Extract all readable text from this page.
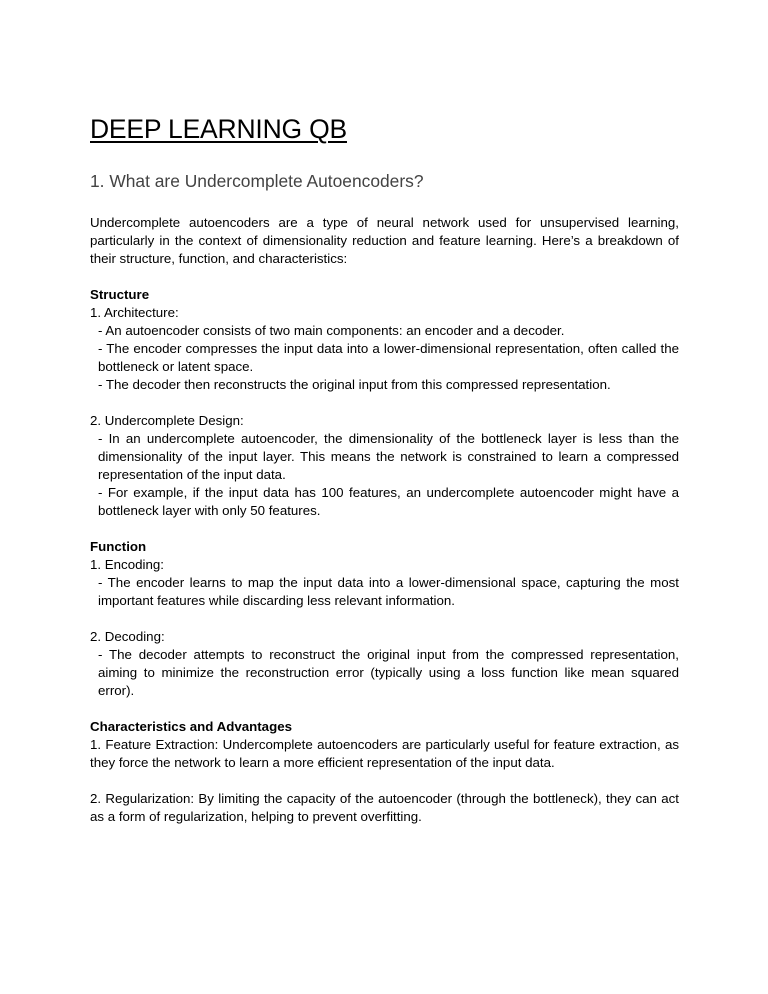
DEEP LEARNING QB
1. What are Undercomplete Autoencoders?

Undercomplete autoencoders are a type of neural network used for unsupervised learning, particularly in the context of dimensionality reduction and feature learning. Here’s a breakdown of their structure, function, and characteristics:

Structure

1. Architecture:

- An autoencoder consists of two main components: an encoder and a decoder.

- The encoder compresses the input data into a lower-dimensional representation, often called the bottleneck or latent space.

- The decoder then reconstructs the original input from this compressed representation.

2. Undercomplete Design:

- In an undercomplete autoencoder, the dimensionality of the bottleneck layer is less than the dimensionality of the input layer. This means the network is constrained to learn a compressed representation of the input data.

- For example, if the input data has 100 features, an undercomplete autoencoder might have a bottleneck layer with only 50 features.

Function

1. Encoding:

- The encoder learns to map the input data into a lower-dimensional space, capturing the most important features while discarding less relevant information.

2. Decoding:

- The decoder attempts to reconstruct the original input from the compressed representation, aiming to minimize the reconstruction error (typically using a loss function like mean squared error).

Characteristics and Advantages

1. Feature Extraction: Undercomplete autoencoders are particularly useful for feature extraction, as they force the network to learn a more efficient representation of the input data.

2. Regularization: By limiting the capacity of the autoencoder (through the bottleneck), they can act as a form of regularization, helping to prevent overfitting.
